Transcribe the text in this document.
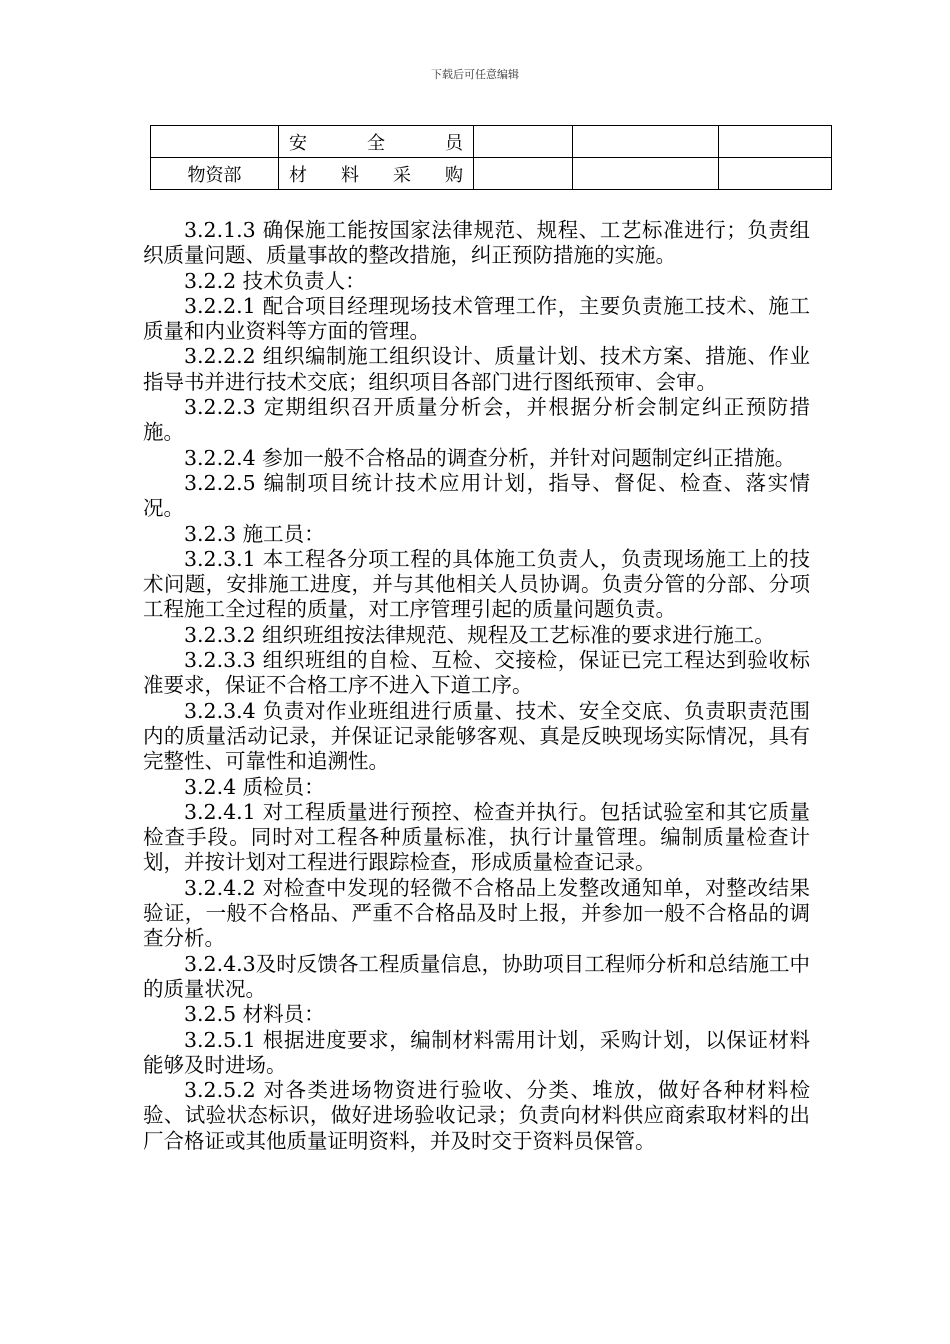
下载后可任意编辑

	安 全 员			

物资部	材 料 采 购			

3.2.1.3 确保施工能按国家法律规范、规程、工艺标准进行；负责组织质量问题、质量事故的整改措施，纠正预防措施的实施。

3.2.2 技术负责人：

3.2.2.1 配合项目经理现场技术管理工作，主要负责施工技术、施工质量和内业资料等方面的管理。

3.2.2.2 组织编制施工组织设计、质量计划、技术方案、措施、作业指导书并进行技术交底；组织项目各部门进行图纸预审、会审。

3.2.2.3 定期组织召开质量分析会，并根据分析会制定纠正预防措施。

3.2.2.4 参加一般不合格品的调查分析，并针对问题制定纠正措施。

3.2.2.5 编制项目统计技术应用计划，指导、督促、检查、落实情况。

3.2.3 施工员：

3.2.3.1 本工程各分项工程的具体施工负责人，负责现场施工上的技术问题，安排施工进度，并与其他相关人员协调。负责分管的分部、分项工程施工全过程的质量，对工序管理引起的质量问题负责。

3.2.3.2 组织班组按法律规范、规程及工艺标准的要求进行施工。

3.2.3.3 组织班组的自检、互检、交接检，保证已完工程达到验收标准要求，保证不合格工序不进入下道工序。

3.2.3.4 负责对作业班组进行质量、技术、安全交底、负责职责范围内的质量活动记录，并保证记录能够客观、真是反映现场实际情况，具有完整性、可靠性和追溯性。

3.2.4 质检员：

3.2.4.1 对工程质量进行预控、检查并执行。包括试验室和其它质量检查手段。同时对工程各种质量标准，执行计量管理。编制质量检查计划，并按计划对工程进行跟踪检查，形成质量检查记录。

3.2.4.2 对检查中发现的轻微不合格品上发整改通知单，对整改结果验证，一般不合格品、严重不合格品及时上报，并参加一般不合格品的调查分析。

3.2.4.3及时反馈各工程质量信息，协助项目工程师分析和总结施工中的质量状况。

3.2.5 材料员：

3.2.5.1 根据进度要求，编制材料需用计划，采购计划，以保证材料能够及时进场。

3.2.5.2 对各类进场物资进行验收、分类、堆放，做好各种材料检验、试验状态标识，做好进场验收记录；负责向材料供应商索取材料的出厂合格证或其他质量证明资料，并及时交于资料员保管。
